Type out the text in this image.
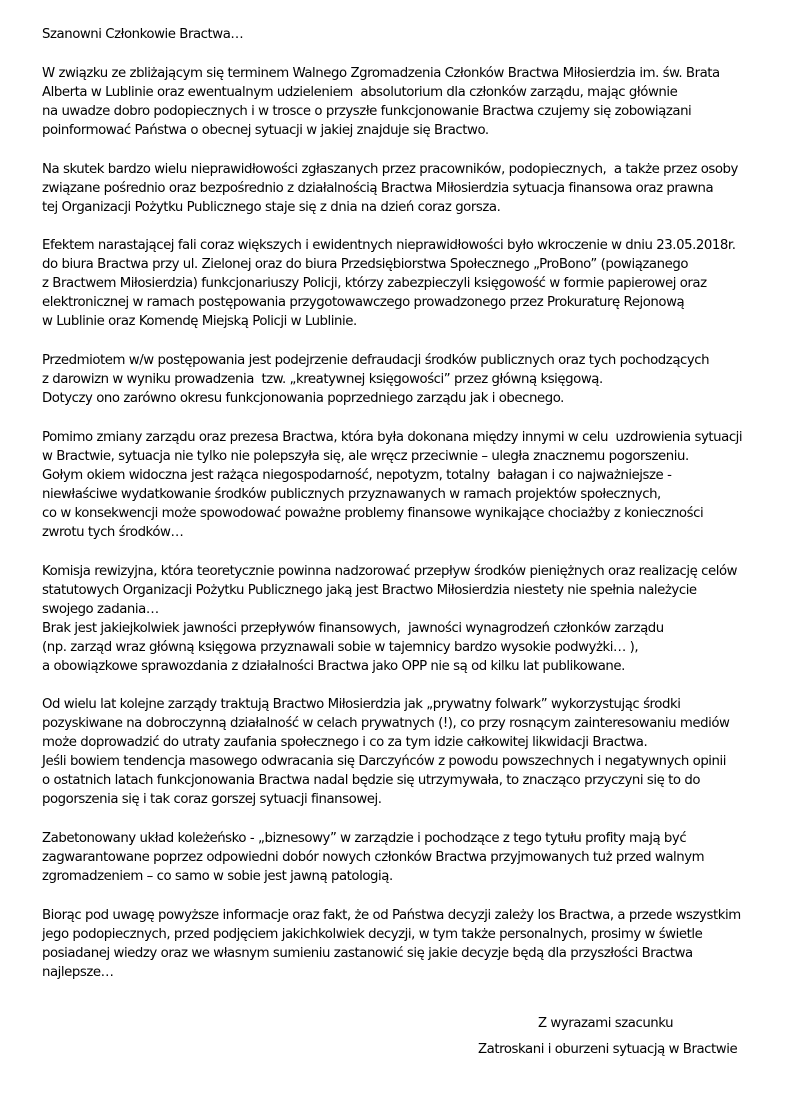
Szanowni Członkowie Bractwa…
W związku ze zbliżającym się terminem Walnego Zgromadzenia Członków Bractwa Miłosierdzia im. św. Brata
Alberta w Lublinie oraz ewentualnym udzieleniem  absolutorium dla członków zarządu, mając głównie
na uwadze dobro podopiecznych i w trosce o przyszłe funkcjonowanie Bractwa czujemy się zobowiązani
poinformować Państwa o obecnej sytuacji w jakiej znajduje się Bractwo.
Na skutek bardzo wielu nieprawidłowości zgłaszanych przez pracowników, podopiecznych,  a także przez osoby
związane pośrednio oraz bezpośrednio z działalnością Bractwa Miłosierdzia sytuacja finansowa oraz prawna
tej Organizacji Pożytku Publicznego staje się z dnia na dzień coraz gorsza.
Efektem narastającej fali coraz większych i ewidentnych nieprawidłowości było wkroczenie w dniu 23.05.2018r.
do biura Bractwa przy ul. Zielonej oraz do biura Przedsiębiorstwa Społecznego „ProBono” (powiązanego
z Bractwem Miłosierdzia) funkcjonariuszy Policji, którzy zabezpieczyli księgowość w formie papierowej oraz
elektronicznej w ramach postępowania przygotowawczego prowadzonego przez Prokuraturę Rejonową
w Lublinie oraz Komendę Miejską Policji w Lublinie.
Przedmiotem w/w postępowania jest podejrzenie defraudacji środków publicznych oraz tych pochodzących
z darowizn w wyniku prowadzenia  tzw. „kreatywnej księgowości” przez główną księgową.
Dotyczy ono zarówno okresu funkcjonowania poprzedniego zarządu jak i obecnego.
Pomimo zmiany zarządu oraz prezesa Bractwa, która była dokonana między innymi w celu  uzdrowienia sytuacji
w Bractwie, sytuacja nie tylko nie polepszyła się, ale wręcz przeciwnie – uległa znacznemu pogorszeniu.
Gołym okiem widoczna jest rażąca niegospodarność, nepotyzm, totalny  bałagan i co najważniejsze -
niewłaściwe wydatkowanie środków publicznych przyznawanych w ramach projektów społecznych,
co w konsekwencji może spowodować poważne problemy finansowe wynikające chociażby z konieczności
zwrotu tych środków…
Komisja rewizyjna, która teoretycznie powinna nadzorować przepływ środków pieniężnych oraz realizację celów
statutowych Organizacji Pożytku Publicznego jaką jest Bractwo Miłosierdzia niestety nie spełnia należycie
swojego zadania…
Brak jest jakiejkolwiek jawności przepływów finansowych,  jawności wynagrodzeń członków zarządu
(np. zarząd wraz główną księgowa przyznawali sobie w tajemnicy bardzo wysokie podwyżki… ),
a obowiązkowe sprawozdania z działalności Bractwa jako OPP nie są od kilku lat publikowane.
Od wielu lat kolejne zarządy traktują Bractwo Miłosierdzia jak „prywatny folwark” wykorzystując środki
pozyskiwane na dobroczynną działalność w celach prywatnych (!), co przy rosnącym zainteresowaniu mediów
może doprowadzić do utraty zaufania społecznego i co za tym idzie całkowitej likwidacji Bractwa.
Jeśli bowiem tendencja masowego odwracania się Darczyńców z powodu powszechnych i negatywnych opinii
o ostatnich latach funkcjonowania Bractwa nadal będzie się utrzymywała, to znacząco przyczyni się to do
pogorszenia się i tak coraz gorszej sytuacji finansowej.
Zabetonowany układ koleżeńsko - „biznesowy” w zarządzie i pochodzące z tego tytułu profity mają być
zagwarantowane poprzez odpowiedni dobór nowych członków Bractwa przyjmowanych tuż przed walnym
zgromadzeniem – co samo w sobie jest jawną patologią.
Biorąc pod uwagę powyższe informacje oraz fakt, że od Państwa decyzji zależy los Bractwa, a przede wszystkim
jego podopiecznych, przed podjęciem jakichkolwiek decyzji, w tym także personalnych, prosimy w świetle
posiadanej wiedzy oraz we własnym sumieniu zastanowić się jakie decyzje będą dla przyszłości Bractwa
najlepsze…
Z wyrazami szacunku
Zatroskani i oburzeni sytuacją w Bractwie
